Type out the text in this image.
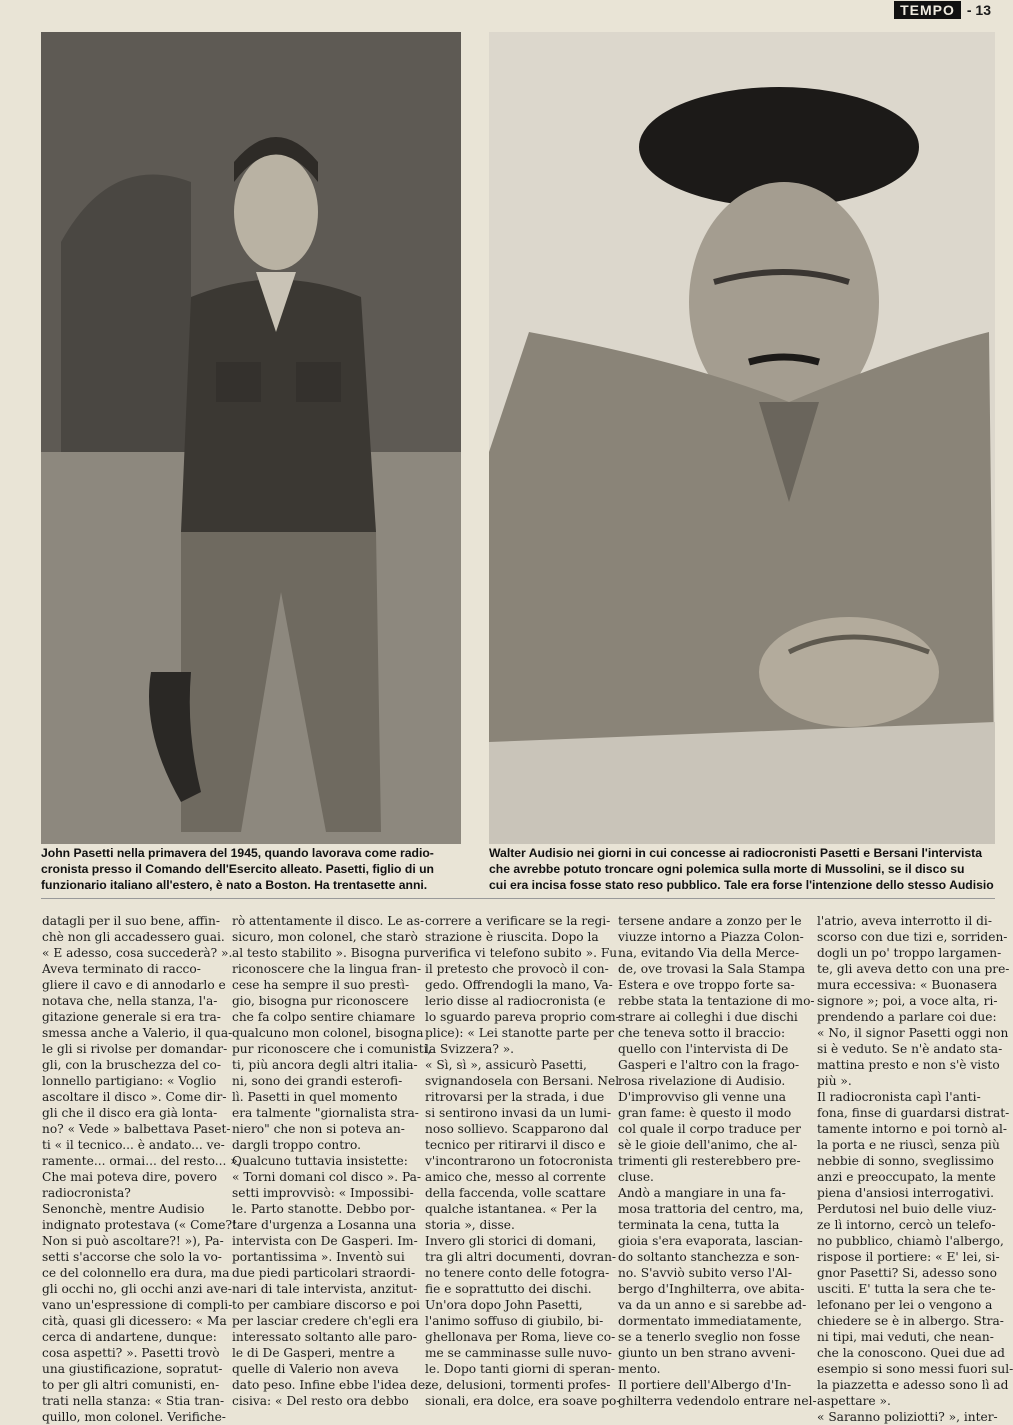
TEMPO - 13
John Pasetti nella primavera del 1945, quando lavorava come radio-
cronista presso il Comando dell'Esercito alleato. Pasetti, figlio di un
funzionario italiano all'estero, è nato a Boston. Ha trentasette anni.
Walter Audisio nei giorni in cui concesse ai radiocronisti Pasetti e Bersani l'intervista
che avrebbe potuto troncare ogni polemica sulla morte di Mussolini, se il disco su
cui era incisa fosse stato reso pubblico. Tale era forse l'intenzione dello stesso Audisio
datagli per il suo bene, affin-
chè non gli accadessero guai.
« E adesso, cosa succederà? ».
Aveva terminato di racco-
gliere il cavo e di annodarlo e
notava che, nella stanza, l'a-
gitazione generale si era tra-
smessa anche a Valerio, il qua-
le gli si rivolse per domandar-
gli, con la bruschezza del co-
lonnello partigiano: « Voglio
ascoltare il disco ». Come dir-
gli che il disco era già lonta-
no? « Vede » balbettava Paset-
ti « il tecnico... è andato... ve-
ramente... ormai... del resto... ».
Che mai poteva dire, povero
radiocronista?
Senonchè, mentre Audisio
indignato protestava (« Come?!
Non si può ascoltare?! »), Pa-
setti s'accorse che solo la vo-
ce del colonnello era dura, ma
gli occhi no, gli occhi anzi ave-
vano un'espressione di compli-
cità, quasi gli dicessero: « Ma
cerca di andartene, dunque:
cosa aspetti? ». Pasetti trovò
una giustificazione, sopratut-
to per gli altri comunisti, en-
trati nella stanza: « Stia tran-
quillo, mon colonel. Verifiche-
rò attentamente il disco. Le as-
sicuro, mon colonel, che starò
al testo stabilito ». Bisogna pur
riconoscere che la lingua fran-
cese ha sempre il suo prestì-
gio, bisogna pur riconoscere
che fa colpo sentire chiamare
qualcuno mon colonel, bisogna
pur riconoscere che i comunisti,
ti, più ancora degli altri italia-
ni, sono dei grandi esterofi-
lì. Pasetti in quel momento
era talmente "giornalista stra-
niero" che non si poteva an-
dargli troppo contro.
Qualcuno tuttavia insistette:
« Torni domani col disco ». Pa-
setti improvvisò: « Impossibi-
le. Parto stanotte. Debbo por-
tare d'urgenza a Losanna una
intervista con De Gasperi. Im-
portantissima ». Inventò sui
due piedi particolari straordi-
nari di tale intervista, anzitut-
to per cambiare discorso e poi
per lasciar credere ch'egli era
interessato soltanto alle paro-
le di De Gasperi, mentre a
quelle di Valerio non aveva
dato peso. Infine ebbe l'idea de-
cisiva: « Del resto ora debbo
correre a verificare se la regi-
strazione è riuscita. Dopo la
verifica vi telefono subito ». Fu
il pretesto che provocò il con-
gedo. Offrendogli la mano, Va-
lerio disse al radiocronista (e
lo sguardo pareva proprio com-
plice): « Lei stanotte parte per
la Svizzera? ».
« Sì, sì », assicurò Pasetti,
svignandosela con Bersani. Nel
ritrovarsi per la strada, i due
si sentirono invasi da un lumi-
noso sollievo. Scapparono dal
tecnico per ritirarvi il disco e
v'incontrarono un fotocronista
amico che, messo al corrente
della faccenda, volle scattare
qualche istantanea. « Per la
storia », disse.
Invero gli storici di domani,
tra gli altri documenti, dovran-
no tenere conto delle fotogra-
fie e soprattutto dei dischi.
Un'ora dopo John Pasetti,
l'animo soffuso di giubilo, bi-
ghellonava per Roma, lieve co-
me se camminasse sulle nuvo-
le. Dopo tanti giorni di speran-
ze, delusioni, tormenti profes-
sionali, era dolce, era soave po-
tersene andare a zonzo per le
viuzze intorno a Piazza Colon-
na, evitando Via della Merce-
de, ove trovasi la Sala Stampa
Estera e ove troppo forte sa-
rebbe stata la tentazione di mo-
strare ai colleghi i due dischi
che teneva sotto il braccio:
quello con l'intervista di De
Gasperi e l'altro con la frago-
rosa rivelazione di Audisio.
D'improvviso gli venne una
gran fame: è questo il modo
col quale il corpo traduce per
sè le gioie dell'animo, che al-
trimenti gli resterebbero pre-
cluse.
Andò a mangiare in una fa-
mosa trattoria del centro, ma,
terminata la cena, tutta la
gioia s'era evaporata, lascian-
do soltanto stanchezza e son-
no. S'avviò subito verso l'Al-
bergo d'Inghilterra, ove abita-
va da un anno e si sarebbe ad-
dormentato immediatamente,
se a tenerlo sveglio non fosse
giunto un ben strano avveni-
mento.
Il portiere dell'Albergo d'In-
ghilterra vedendolo entrare nel-
l'atrio, aveva interrotto il di-
scorso con due tizi e, sorriden-
dogli un po' troppo largamen-
te, gli aveva detto con una pre-
mura eccessiva: « Buonasera
signore »; poi, a voce alta, ri-
prendendo a parlare coi due:
« No, il signor Pasetti oggi non
si è veduto. Se n'è andato sta-
mattina presto e non s'è visto
più ».
Il radiocronista capì l'anti-
fona, finse di guardarsi distrat-
tamente intorno e poi tornò al-
la porta e ne riuscì, senza più
nebbie di sonno, sveglissimo
anzi e preoccupato, la mente
piena d'ansiosi interrogativi.
Perdutosi nel buio delle viuz-
ze lì intorno, cercò un telefo-
no pubblico, chiamò l'albergo,
rispose il portiere: « E' lei, si-
gnor Pasetti? Si, adesso sono
usciti. E' tutta la sera che te-
lefonano per lei o vengono a
chiedere se è in albergo. Stra-
ni tipi, mai veduti, che nean-
che la conoscono. Quei due ad
esempio si sono messi fuori sul-
la piazzetta e adesso sono lì ad
aspettare ».
« Saranno poliziotti? », inter-
